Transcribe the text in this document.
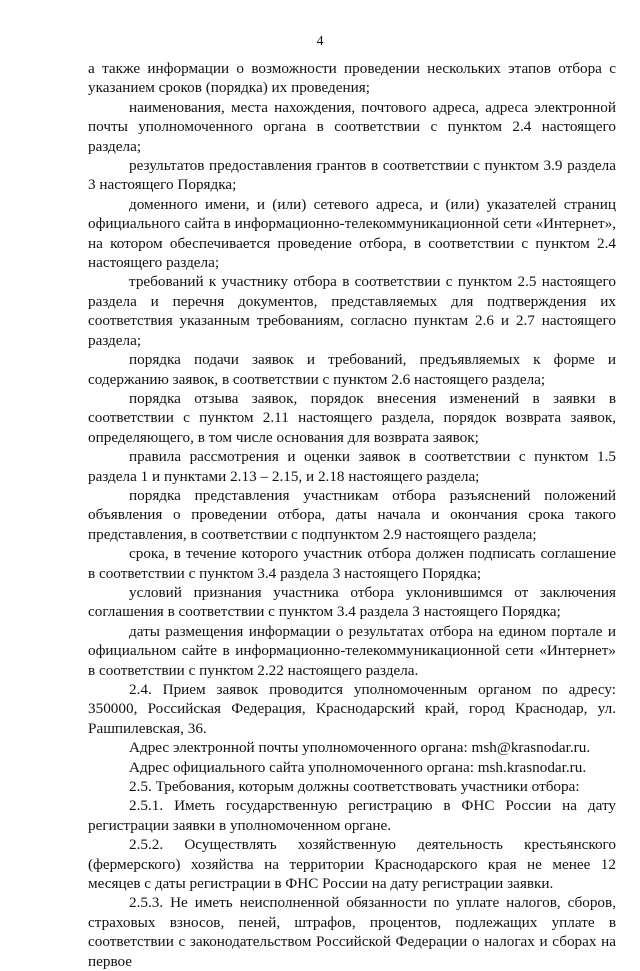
4

а также информации о возможности проведении нескольких этапов отбора с указанием сроков (порядка) их проведения;

наименования, места нахождения, почтового адреса, адреса электронной почты уполномоченного органа в соответствии с пунктом 2.4 настоящего раздела;

результатов предоставления грантов в соответствии с пунктом 3.9 раздела 3 настоящего Порядка;

доменного имени, и (или) сетевого адреса, и (или) указателей страниц официального сайта в информационно-телекоммуникационной сети «Интернет», на котором обеспечивается проведение отбора, в соответствии с пунктом 2.4 настоящего раздела;

требований к участнику отбора в соответствии с пунктом 2.5 настоящего раздела и перечня документов, представляемых для подтверждения их соответствия указанным требованиям, согласно пунктам 2.6 и 2.7 настоящего раздела;

порядка подачи заявок и требований, предъявляемых к форме и содержанию заявок, в соответствии с пунктом 2.6 настоящего раздела;

порядка отзыва заявок, порядок внесения изменений в заявки в соответствии с пунктом 2.11 настоящего раздела, порядок возврата заявок, определяющего, в том числе основания для возврата заявок;

правила рассмотрения и оценки заявок в соответствии с пунктом 1.5 раздела 1 и пунктами 2.13 – 2.15, и 2.18 настоящего раздела;

порядка представления участникам отбора разъяснений положений объявления о проведении отбора, даты начала и окончания срока такого представления, в соответствии с подпунктом 2.9 настоящего раздела;

срока, в течение которого участник отбора должен подписать соглашение в соответствии с пунктом 3.4 раздела 3 настоящего Порядка;

условий признания участника отбора уклонившимся от заключения соглашения в соответствии с пунктом 3.4 раздела 3 настоящего Порядка;

даты размещения информации о результатах отбора на едином портале и официальном сайте в информационно-телекоммуникационной сети «Интернет» в соответствии с пунктом 2.22 настоящего раздела.

2.4. Прием заявок проводится уполномоченным органом по адресу: 350000, Российская Федерация, Краснодарский край, город Краснодар, ул. Рашпилевская, 36.

Адрес электронной почты уполномоченного органа: msh@krasnodar.ru.

Адрес официального сайта уполномоченного органа: msh.krasnodar.ru.

2.5. Требования, которым должны соответствовать участники отбора:

2.5.1. Иметь государственную регистрацию в ФНС России на дату регистрации заявки в уполномоченном органе.

2.5.2. Осуществлять хозяйственную деятельность крестьянского (фермерского) хозяйства на территории Краснодарского края не менее 12 месяцев с даты регистрации в ФНС России на дату регистрации заявки.

2.5.3. Не иметь неисполненной обязанности по уплате налогов, сборов, страховых взносов, пеней, штрафов, процентов, подлежащих уплате в соответствии с законодательством Российской Федерации о налогах и сборах на первое
